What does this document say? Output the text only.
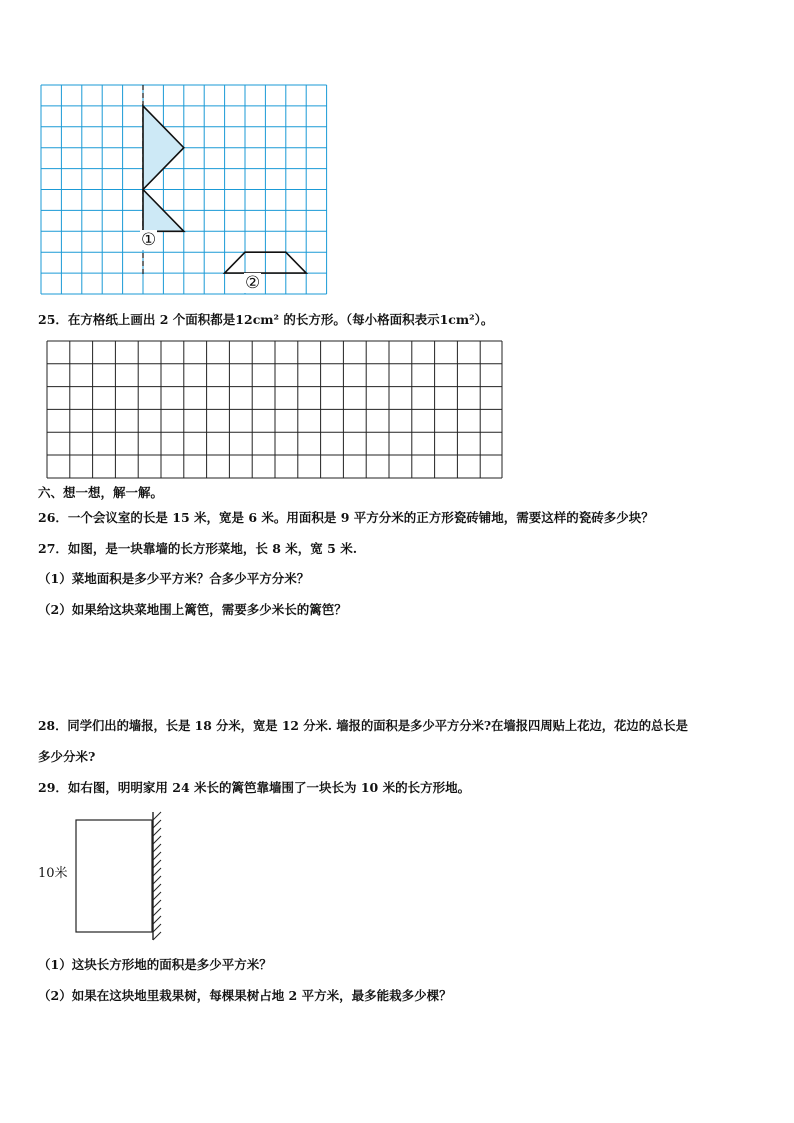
①
②
25．在方格纸上画出 2 个面积都是12cm² 的长方形。（每小格面积表示1cm²）。
六、想一想，解一解。
26．一个会议室的长是 15 米，宽是 6 米。用面积是 9 平方分米的正方形瓷砖铺地，需要这样的瓷砖多少块？
27．如图，是一块靠墙的长方形菜地，长 8 米，宽 5 米.
（1）菜地面积是多少平方米？合多少平方分米？
（2）如果给这块菜地围上篱笆，需要多少米长的篱笆？
28．同学们出的墙报，长是 18 分米，宽是 12 分米. 墙报的面积是多少平方分米?在墙报四周贴上花边，花边的总长是
多少分米?
29．如右图，明明家用 24 米长的篱笆靠墙围了一块长为 10 米的长方形地。
10米
（1）这块长方形地的面积是多少平方米？
（2）如果在这块地里栽果树，每棵果树占地 2 平方米，最多能栽多少棵？
